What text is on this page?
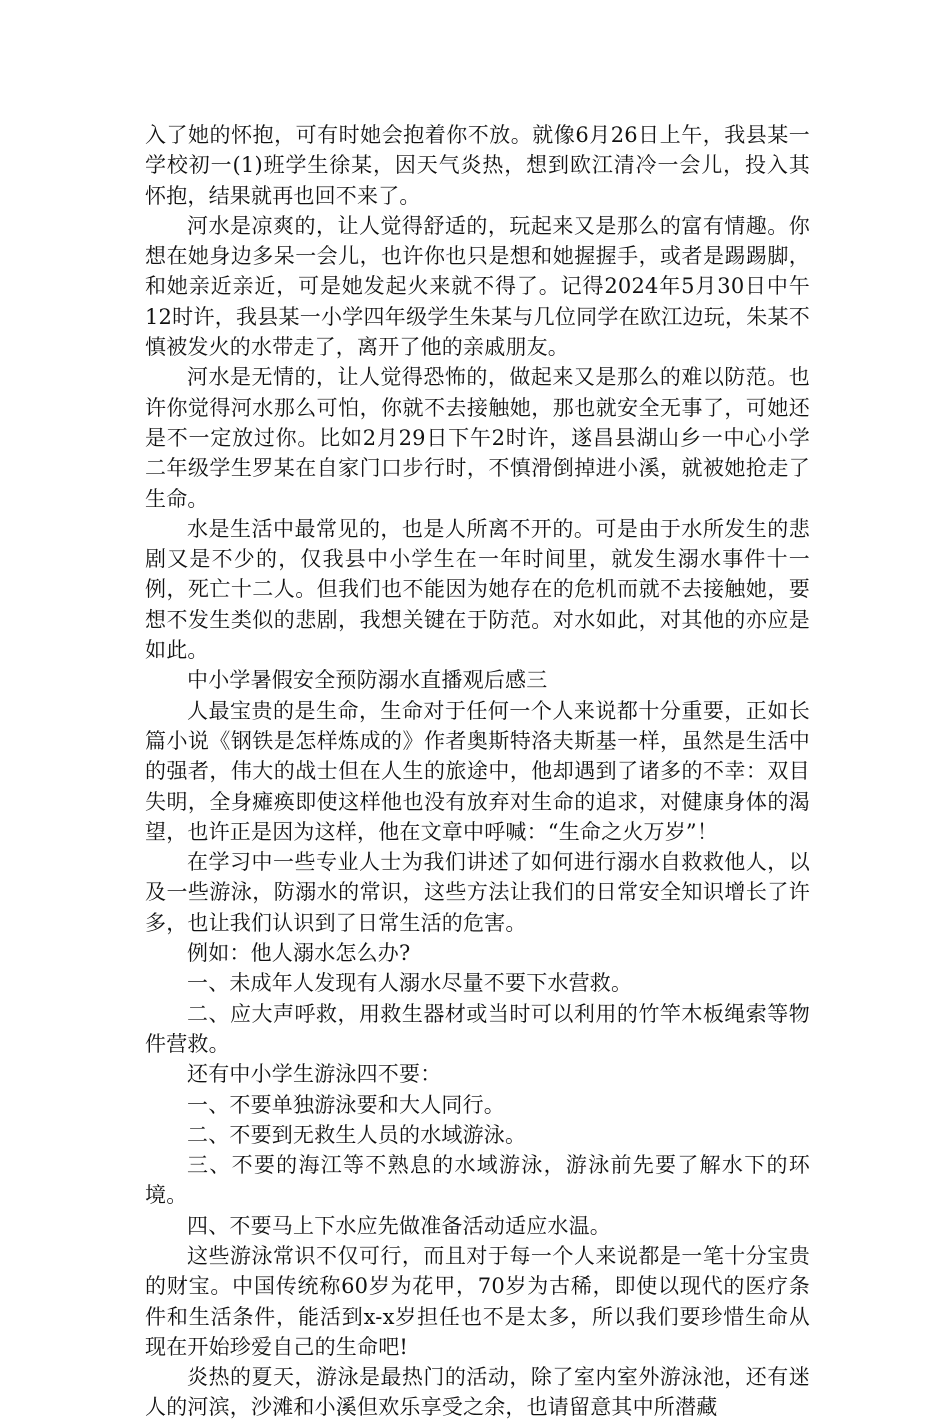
入了她的怀抱，可有时她会抱着你不放。就像6月26日上午，我县某一学校初一(1)班学生徐某，因天气炎热，想到欧江清冷一会儿，投入其怀抱，结果就再也回不来了。

河水是凉爽的，让人觉得舒适的，玩起来又是那么的富有情趣。你想在她身边多呆一会儿，也许你也只是想和她握握手，或者是踢踢脚，和她亲近亲近，可是她发起火来就不得了。记得2024年5月30日中午12时许，我县某一小学四年级学生朱某与几位同学在欧江边玩，朱某不慎被发火的水带走了，离开了他的亲戚朋友。

河水是无情的，让人觉得恐怖的，做起来又是那么的难以防范。也许你觉得河水那么可怕，你就不去接触她，那也就安全无事了，可她还是不一定放过你。比如2月29日下午2时许，遂昌县湖山乡一中心小学二年级学生罗某在自家门口步行时，不慎滑倒掉进小溪，就被她抢走了生命。

水是生活中最常见的，也是人所离不开的。可是由于水所发生的悲剧又是不少的，仅我县中小学生在一年时间里，就发生溺水事件十一例，死亡十二人。但我们也不能因为她存在的危机而就不去接触她，要想不发生类似的悲剧，我想关键在于防范。对水如此，对其他的亦应是如此。

中小学暑假安全预防溺水直播观后感三

人最宝贵的是生命，生命对于任何一个人来说都十分重要，正如长篇小说《钢铁是怎样炼成的》作者奥斯特洛夫斯基一样，虽然是生活中的强者，伟大的战士但在人生的旅途中，他却遇到了诸多的不幸：双目失明，全身瘫痪即使这样他也没有放弃对生命的追求，对健康身体的渴望，也许正是因为这样，他在文章中呼喊：“生命之火万岁”！

在学习中一些专业人士为我们讲述了如何进行溺水自救救他人，以及一些游泳，防溺水的常识，这些方法让我们的日常安全知识增长了许多，也让我们认识到了日常生活的危害。

例如：他人溺水怎么办?

一、未成年人发现有人溺水尽量不要下水营救。

二、应大声呼救，用救生器材或当时可以利用的竹竿木板绳索等物件营救。

还有中小学生游泳四不要：

一、不要单独游泳要和大人同行。

二、不要到无救生人员的水域游泳。

三、不要的海江等不熟息的水域游泳，游泳前先要了解水下的环境。

四、不要马上下水应先做准备活动适应水温。

这些游泳常识不仅可行，而且对于每一个人来说都是一笔十分宝贵的财宝。中国传统称60岁为花甲，70岁为古稀，即使以现代的医疗条件和生活条件，能活到x-x岁担任也不是太多，所以我们要珍惜生命从现在开始珍爱自己的生命吧!

炎热的夏天，游泳是最热门的活动，除了室内室外游泳池，还有迷人的河滨，沙滩和小溪但欢乐享受之余，也请留意其中所潜藏
